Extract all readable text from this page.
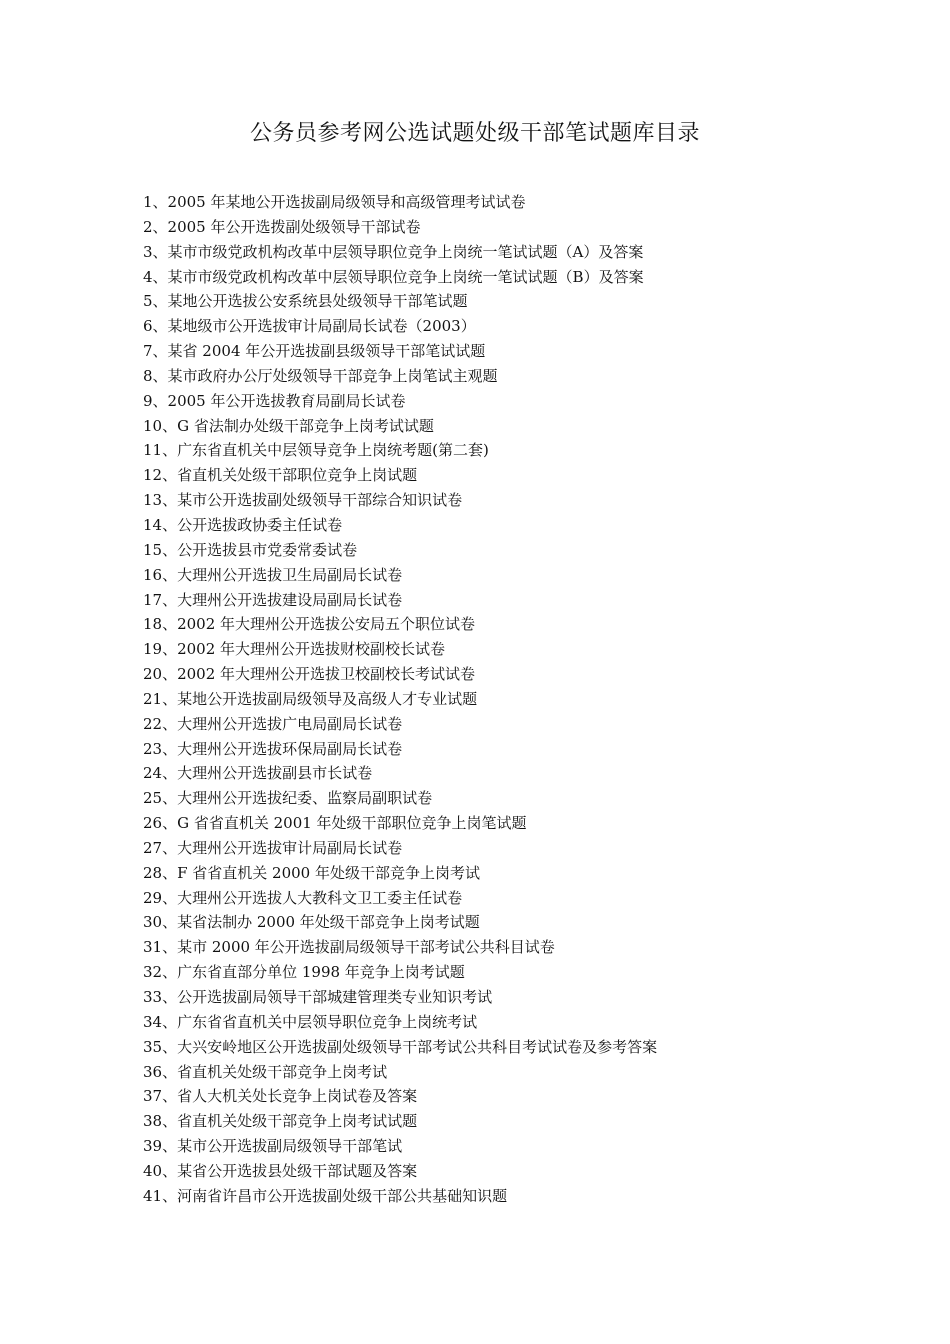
公务员参考网公选试题处级干部笔试题库目录
1、2005 年某地公开选拔副局级领导和高级管理考试试卷
2、2005 年公开选拨副处级领导干部试卷
3、某市市级党政机构改革中层领导职位竞争上岗统一笔试试题（A）及答案
4、某市市级党政机构改革中层领导职位竞争上岗统一笔试试题（B）及答案
5、某地公开选拔公安系统县处级领导干部笔试题
6、某地级市公开选拔审计局副局长试卷（2003）
7、某省 2004 年公开选拔副县级领导干部笔试试题
8、某市政府办公厅处级领导干部竞争上岗笔试主观题
9、2005 年公开选拔教育局副局长试卷
10、G 省法制办处级干部竞争上岗考试试题
11、广东省直机关中层领导竞争上岗统考题(第二套)
12、省直机关处级干部职位竞争上岗试题
13、某市公开选拔副处级领导干部综合知识试卷
14、公开选拔政协委主任试卷
15、公开选拔县市党委常委试卷
16、大理州公开选拔卫生局副局长试卷
17、大理州公开选拔建设局副局长试卷
18、2002 年大理州公开选拔公安局五个职位试卷
19、2002 年大理州公开选拔财校副校长试卷
20、2002 年大理州公开选拔卫校副校长考试试卷
21、某地公开选拔副局级领导及高级人才专业试题
22、大理州公开选拔广电局副局长试卷
23、大理州公开选拔环保局副局长试卷
24、大理州公开选拔副县市长试卷
25、大理州公开选拔纪委、监察局副职试卷
26、G 省省直机关 2001 年处级干部职位竞争上岗笔试题
27、大理州公开选拔审计局副局长试卷
28、F 省省直机关 2000 年处级干部竞争上岗考试
29、大理州公开选拔人大教科文卫工委主任试卷
30、某省法制办 2000 年处级干部竞争上岗考试题
31、某市 2000 年公开选拔副局级领导干部考试公共科目试卷
32、广东省直部分单位 1998 年竞争上岗考试题
33、公开选拔副局领导干部城建管理类专业知识考试
34、广东省省直机关中层领导职位竞争上岗统考试
35、大兴安岭地区公开选拔副处级领导干部考试公共科目考试试卷及参考答案
36、省直机关处级干部竞争上岗考试
37、省人大机关处长竞争上岗试卷及答案
38、省直机关处级干部竞争上岗考试试题
39、某市公开选拔副局级领导干部笔试
40、某省公开选拔县处级干部试题及答案
41、河南省许昌市公开选拔副处级干部公共基础知识题
